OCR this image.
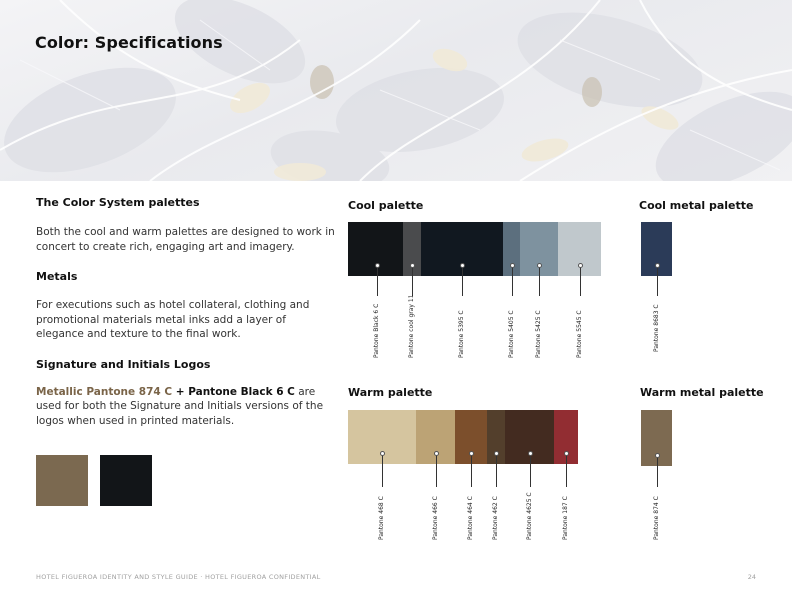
Color: Specifications
The Color System palettes
Both the cool and warm palettes are designed to work in concert to create rich, engaging art and imagery.
Metals
For executions such as hotel collateral, clothing and promotional materials metal inks add a layer of elegance and texture to the final work.
Signature and Initials Logos
Metallic Pantone 874 C + Pantone Black 6 C are used for both the Signature and Initials versions of the logos when used in printed materials.
Cool palette	Cool metal palette
Warm palette	Warm metal palette
Pantone Black 6 C	Pantone cool gray 11	Pantone 5395 C	Pantone 5405 C	Pantone 5425 C	Pantone 5545 C	Pantone 8683 C
Pantone 468 C	Pantone 466 C	Pantone 464 C	Pantone 462 C	Pantone 4625 C	Pantone 187 C	Pantone 874 C
HOTEL FIGUEROA IDENTITY AND STYLE GUIDE · HOTEL FIGUEROA CONFIDENTIAL	24
